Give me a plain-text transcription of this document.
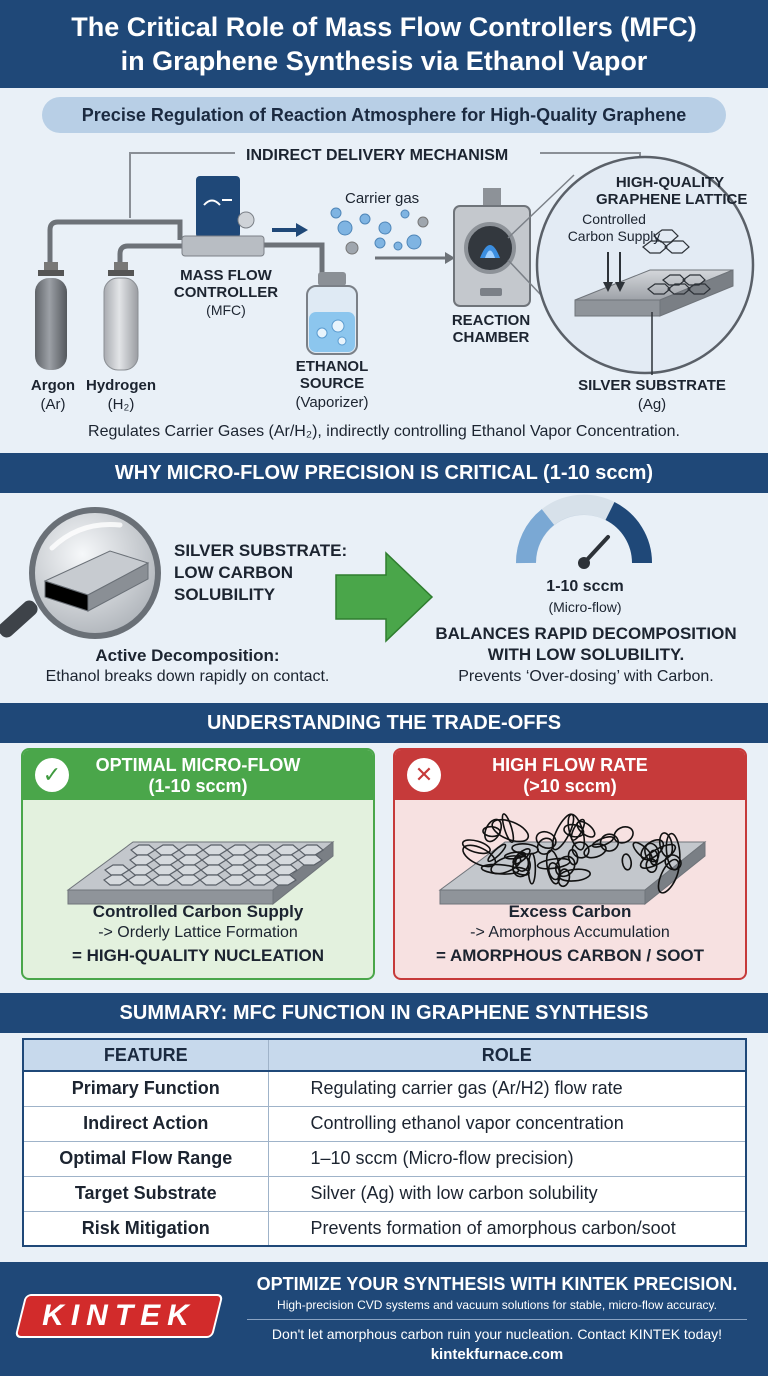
The Critical Role of Mass Flow Controllers (MFC)
in Graphene Synthesis via Ethanol Vapor
Precise Regulation of Reaction Atmosphere for High-Quality Graphene
INDIRECT DELIVERY MECHANISM
Argon
(Ar)
Hydrogen
(H₂)
MASS FLOW
CONTROLLER
(MFC)
Carrier gas
ETHANOL
SOURCE
(Vaporizer)
REACTION
CHAMBER
HIGH-QUALITY
GRAPHENE LATTICE
Controlled
Carbon Supply
SILVER SUBSTRATE
(Ag)
Regulates Carrier Gases (Ar/H₂), indirectly controlling Ethanol Vapor Concentration.
WHY MICRO-FLOW PRECISION IS CRITICAL (1-10 sccm)
SILVER SUBSTRATE:
LOW CARBON
SOLUBILITY
Active Decomposition:
Ethanol breaks down rapidly on contact.
1-10 sccm
(Micro-flow)
BALANCES RAPID DECOMPOSITION
WITH LOW SOLUBILITY.
Prevents ‘Over-dosing’ with Carbon.
UNDERSTANDING THE TRADE-OFFS
✓	OPTIMAL MICRO-FLOW
(1-10 sccm)
Controlled Carbon Supply
-> Orderly Lattice Formation
= HIGH-QUALITY NUCLEATION
✕	HIGH FLOW RATE
(>10 sccm)
Excess Carbon
-> Amorphous Accumulation
= AMORPHOUS CARBON / SOOT
SUMMARY: MFC FUNCTION IN GRAPHENE SYNTHESIS
FEATURE	ROLE
Primary Function	Regulating carrier gas (Ar/H2) flow rate
Indirect Action	Controlling ethanol vapor concentration
Optimal Flow Range	1–10 sccm (Micro-flow precision)
Target Substrate	Silver (Ag) with low carbon solubility
Risk Mitigation	Prevents formation of amorphous carbon/soot
OPTIMIZE YOUR SYNTHESIS WITH KINTEK PRECISION.
High-precision CVD systems and vacuum solutions for stable, micro-flow accuracy.
Don't let amorphous carbon ruin your nucleation. Contact KINTEK today!
kintekfurnace.com
KINTEK
